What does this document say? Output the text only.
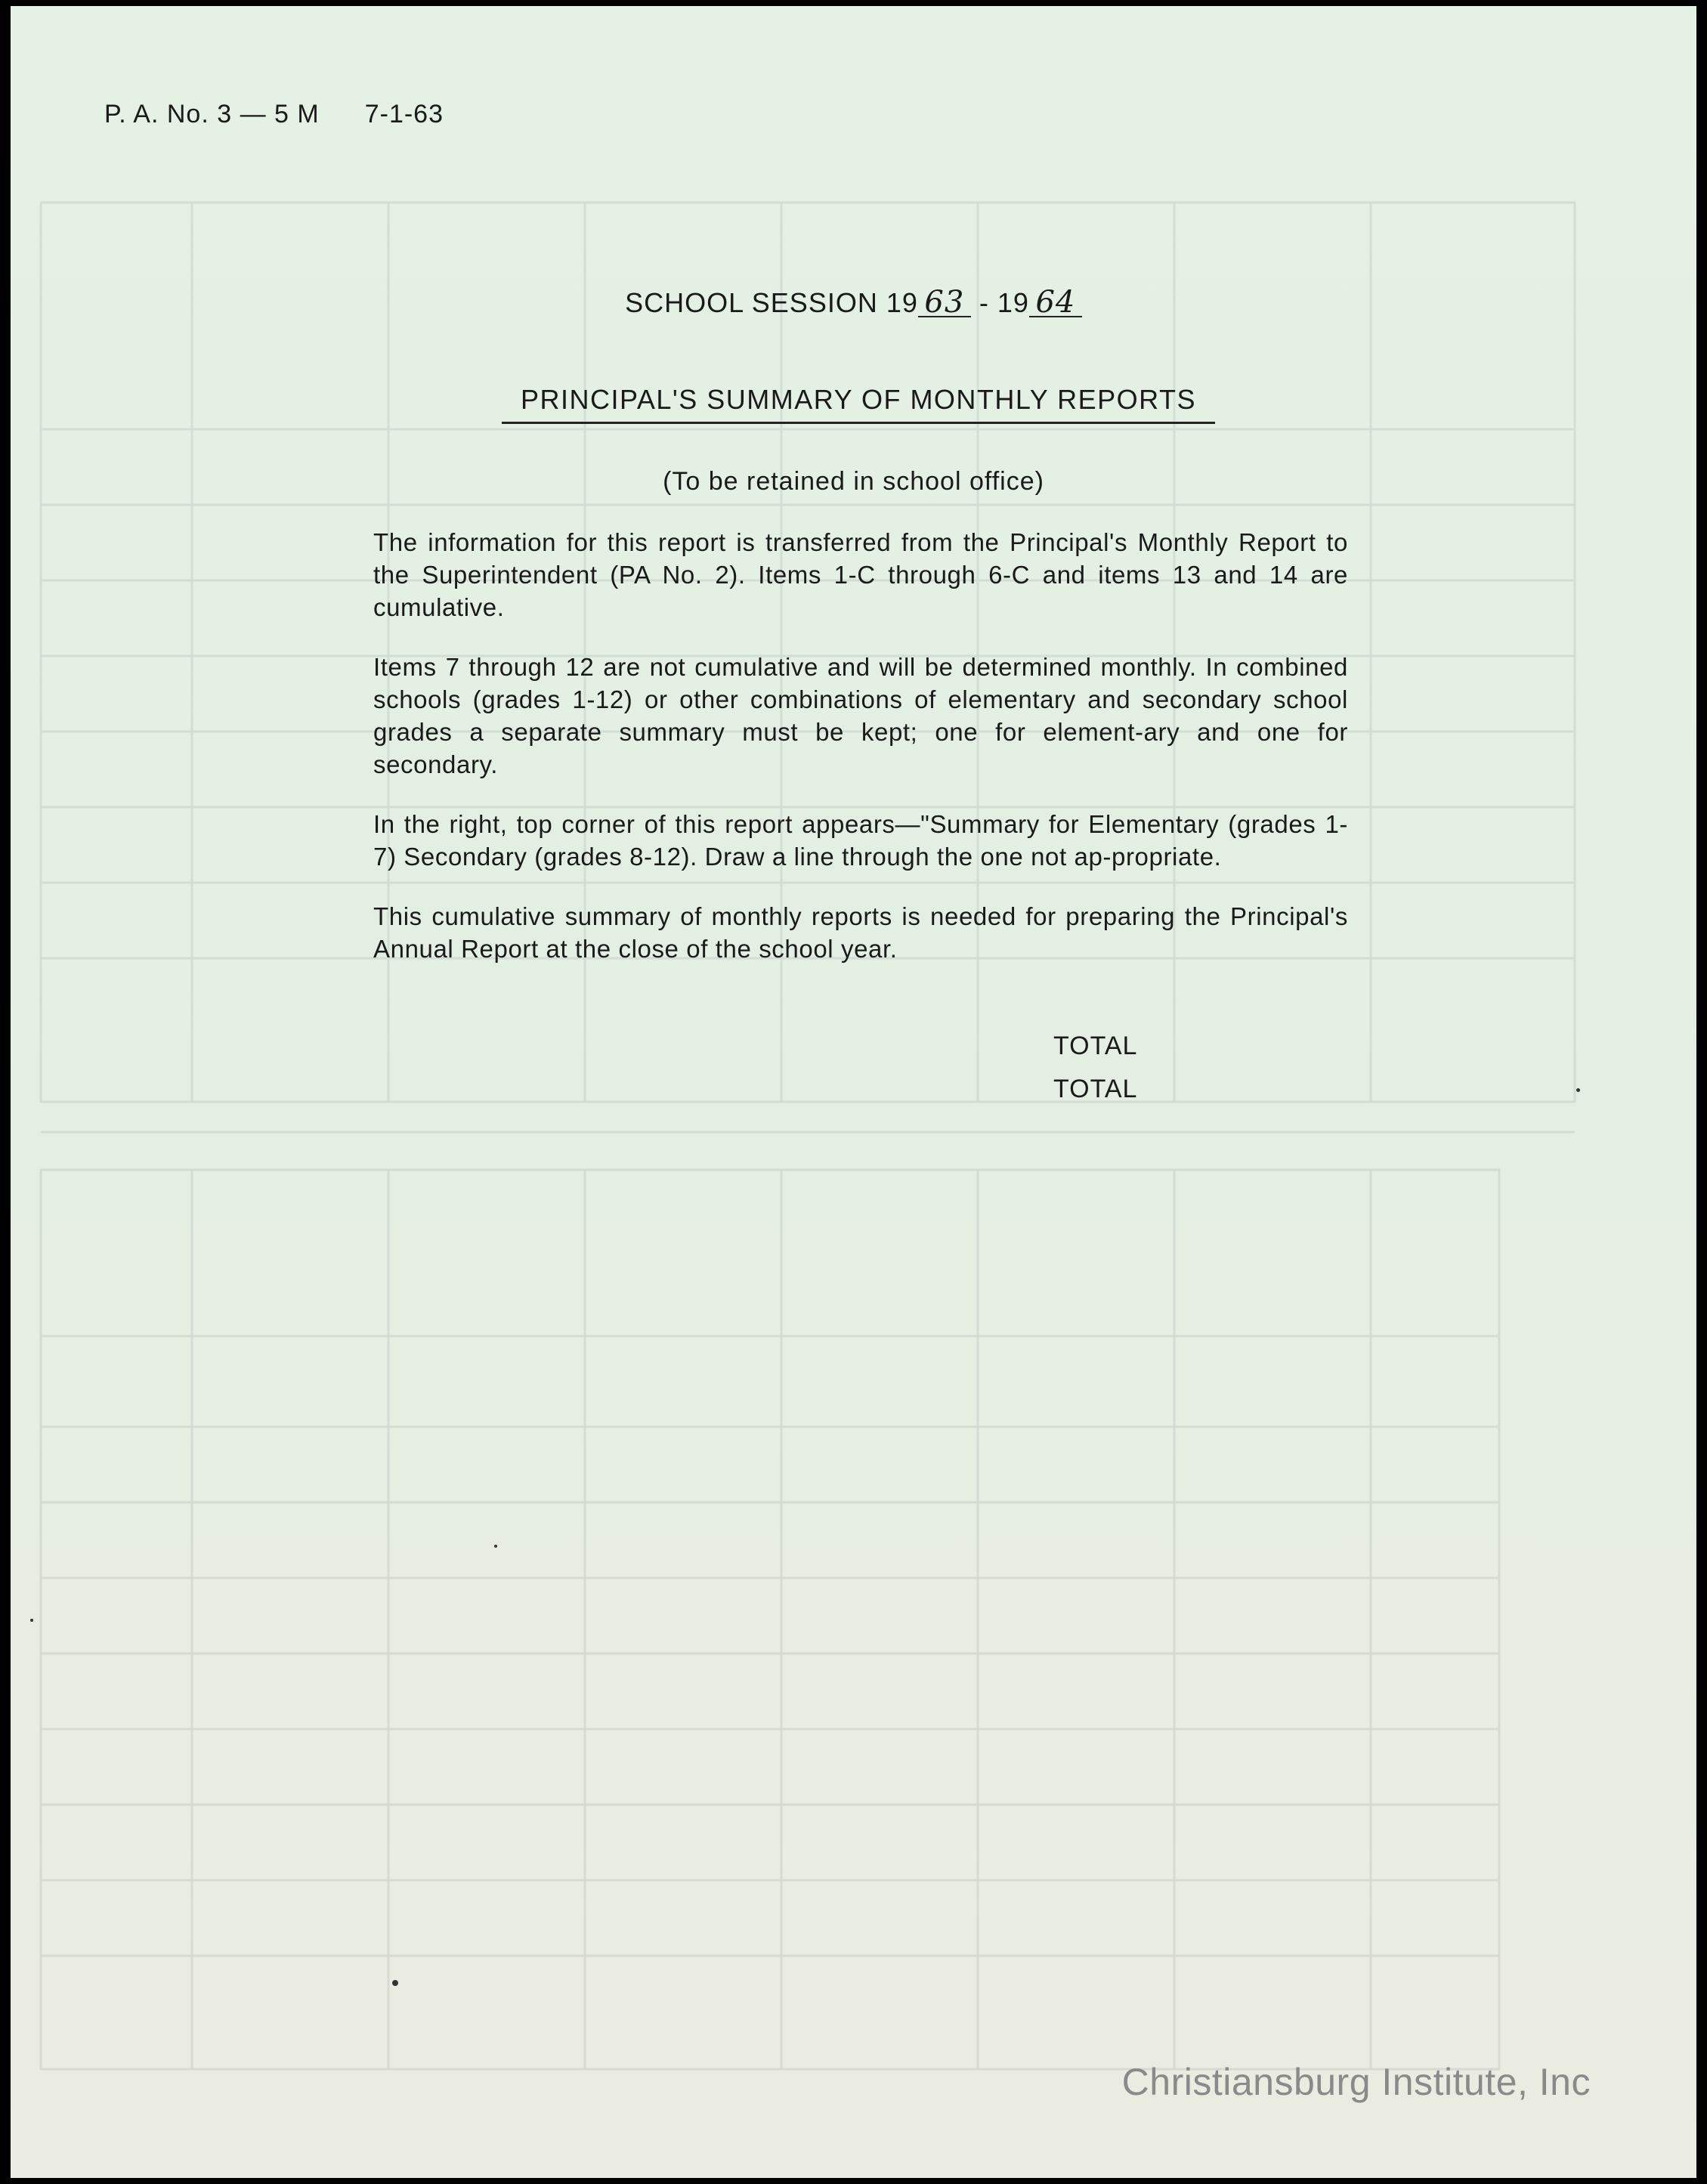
P. A. No. 3 — 5 M 7-1-63
SCHOOL SESSION 19 63 - 19 64
PRINCIPAL'S SUMMARY OF MONTHLY REPORTS
(To be retained in school office)

The information for this report is transferred from the Principal's Monthly Report to the Superintendent (PA No. 2). Items 1-C through 6-C and items 13 and 14 are cumulative.

Items 7 through 12 are not cumulative and will be determined monthly. In combined schools (grades 1-12) or other combinations of elementary and secondary school grades a separate summary must be kept; one for element-ary and one for secondary.

In the right, top corner of this report appears—"Summary for Elementary (grades 1-7) Secondary (grades 8-12). Draw a line through the one not ap-propriate.

This cumulative summary of monthly reports is needed for preparing the Principal's Annual Report at the close of the school year.

TOTAL
TOTAL
Christiansburg Institute, Inc
